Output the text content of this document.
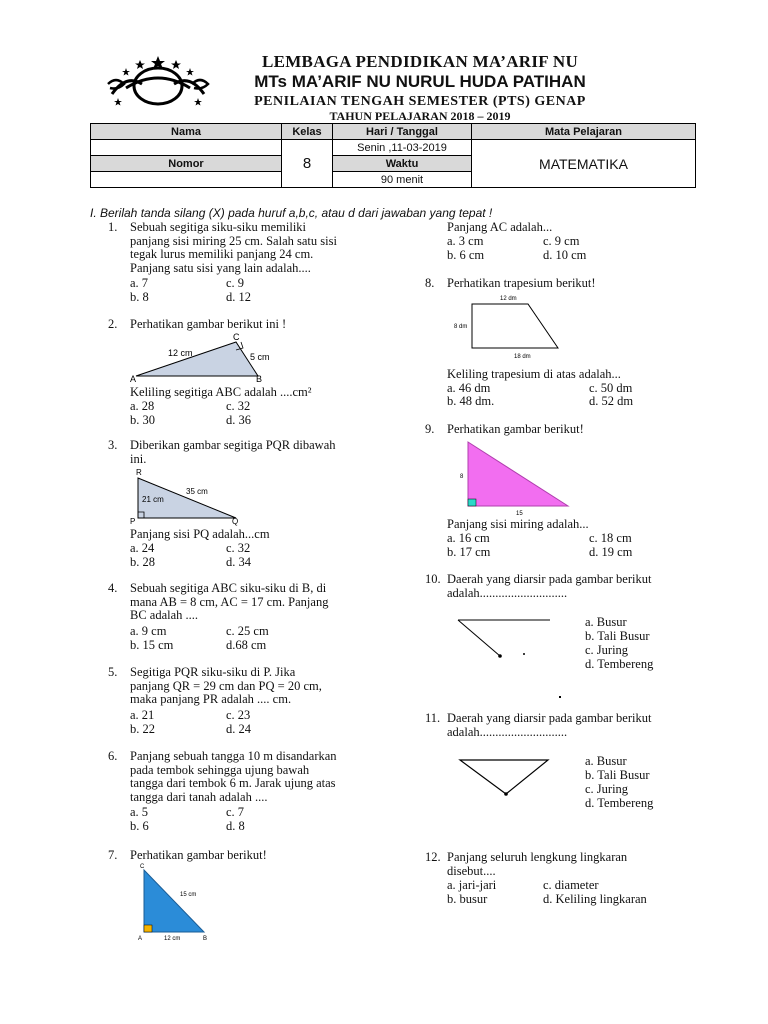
LEMBAGA PENDIDIKAN MA’ARIF NU
MTs MA’ARIF NU NURUL HUDA PATIHAN
PENILAIAN TENGAH SEMESTER (PTS) GENAP
TAHUN PELAJARAN 2018 – 2019
Nama	Kelas	Hari / Tanggal	Mata Pelajaran
	8	Senin ,11-03-2019	MATEMATIKA
Nomor		Waktu	
		90 menit	
I. Berilah tanda silang (X) pada huruf a,b,c, atau d dari jawaban yang tepat !
1. Sebuah segitiga siku-siku memiliki
panjang sisi miring 25 cm. Salah satu sisi
tegak lurus memiliki panjang 24 cm.
Panjang satu sisi yang lain adalah....
a. 7	c. 9
b. 8	d. 12
2. Perhatikan gambar berikut ini !
12 cm	5 cm
A	B
C
Keliling segitiga ABC adalah ....cm²
a. 28	c. 32
b. 30	d. 36
3. Diberikan gambar segitiga PQR dibawah
ini.
R
P	Q
21 cm
35 cm
Panjang sisi PQ adalah...cm
a. 24	c. 32
b. 28	d. 34
4. Sebuah segitiga ABC siku-siku di B, di
mana AB = 8 cm, AC = 17 cm. Panjang
BC adalah ....
a. 9 cm	c. 25 cm
b. 15 cm	d.68 cm
5. Segitiga PQR siku-siku di P. Jika
panjang QR = 29 cm dan PQ = 20 cm,
maka panjang PR adalah .... cm.
a. 21	c. 23
b. 22	d. 24
6. Panjang sebuah tangga 10 m disandarkan
pada tembok sehingga ujung bawah
tangga dari tembok 6 m. Jarak ujung atas
tangga dari tanah adalah ....
a. 5	c. 7
b. 6	d. 8
7. Perhatikan gambar berikut!
C
A	B
15 cm
12 cm
Panjang AC adalah...
a. 3 cm	c. 9 cm
b. 6 cm	d. 10 cm
8. Perhatikan trapesium berikut!
12 dm
8 dm
18 dm
Keliling trapesium di atas adalah...
a. 46 dm	c. 50 dm
b. 48 dm.	d. 52 dm
9. Perhatikan gambar berikut!
8
15
Panjang sisi miring adalah...
a. 16 cm	c. 18 cm
b. 17 cm	d. 19 cm
10. Daerah yang diarsir pada gambar berikut
adalah............................
a. Busur
b. Tali Busur
c. Juring
d. Tembereng
11. Daerah yang diarsir pada gambar berikut
adalah............................
a. Busur
b. Tali Busur
c. Juring
d. Tembereng
12. Panjang seluruh lengkung lingkaran
disebut....
a. jari-jari	c. diameter
b. busur	d. Keliling lingkaran
